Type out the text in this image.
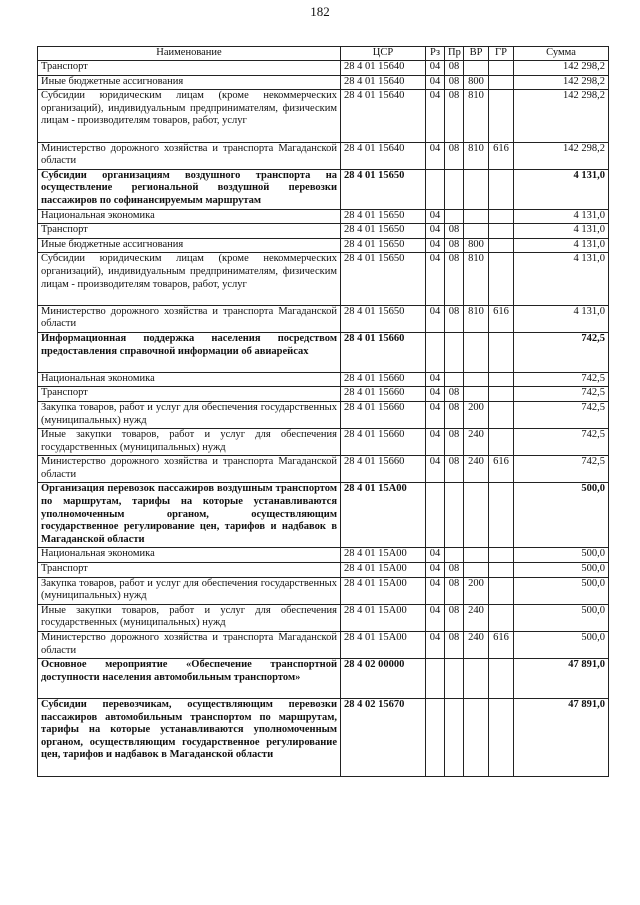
182
Наименование	ЦСР	Рз	Пр	ВР	ГР	Сумма
Транспорт	28 4 01 15640	04	08			142 298,2
Иные бюджетные ассигнования	28 4 01 15640	04	08	800		142 298,2
Субсидии юридическим лицам (кроме некоммерческих организаций), индивидуальным предпринимателям, физическим лицам - производителям товаров, работ, услуг	28 4 01 15640	04	08	810		142 298,2
Министерство дорожного хозяйства и транспорта Магаданской области	28 4 01 15640	04	08	810	616	142 298,2
Субсидии организациям воздушного транспорта на осуществление региональной воздушной перевозки пассажиров по софинансируемым маршрутам	28 4 01 15650					4 131,0
Национальная экономика	28 4 01 15650	04				4 131,0
Транспорт	28 4 01 15650	04	08			4 131,0
Иные бюджетные ассигнования	28 4 01 15650	04	08	800		4 131,0
Субсидии юридическим лицам (кроме некоммерческих организаций), индивидуальным предпринимателям, физическим лицам - производителям товаров, работ, услуг	28 4 01 15650	04	08	810		4 131,0
Министерство дорожного хозяйства и транспорта Магаданской области	28 4 01 15650	04	08	810	616	4 131,0
Информационная поддержка населения посредством предоставления справочной информации об авиарейсах	28 4 01 15660					742,5
Национальная экономика	28 4 01 15660	04				742,5
Транспорт	28 4 01 15660	04	08			742,5
Закупка товаров, работ и услуг для обеспечения государственных (муниципальных) нужд	28 4 01 15660	04	08	200		742,5
Иные закупки товаров, работ и услуг для обеспечения государственных (муниципальных) нужд	28 4 01 15660	04	08	240		742,5
Министерство дорожного хозяйства и транспорта Магаданской области	28 4 01 15660	04	08	240	616	742,5
Организация перевозок пассажиров воздушным транспортом по маршрутам, тарифы на которые устанавливаются уполномоченным органом, осуществляющим государственное регулирование цен, тарифов и надбавок в Магаданской области	28 4 01 15А00					500,0
Национальная экономика	28 4 01 15А00	04				500,0
Транспорт	28 4 01 15А00	04	08			500,0
Закупка товаров, работ и услуг для обеспечения государственных (муниципальных) нужд	28 4 01 15А00	04	08	200		500,0
Иные закупки товаров, работ и услуг для обеспечения государственных (муниципальных) нужд	28 4 01 15А00	04	08	240		500,0
Министерство дорожного хозяйства и транспорта Магаданской области	28 4 01 15А00	04	08	240	616	500,0
Основное мероприятие «Обеспечение транспортной доступности населения автомобильным транспортом»	28 4 02 00000					47 891,0
Субсидии перевозчикам, осуществляющим перевозки пассажиров автомобильным транспортом по маршрутам, тарифы на которые устанавливаются уполномоченным органом, осуществляющим государственное регулирование цен, тарифов и надбавок в Магаданской области	28 4 02 15670					47 891,0
